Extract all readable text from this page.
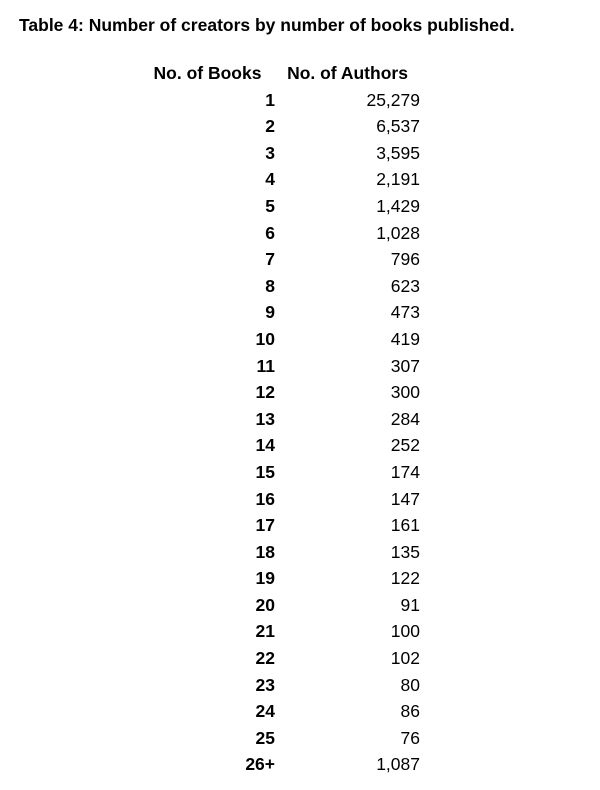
Table 4: Number of creators by number of books published.
No. of Books	No. of Authors
1	25,279
2	6,537
3	3,595
4	2,191
5	1,429
6	1,028
7	796
8	623
9	473
10	419
11	307
12	300
13	284
14	252
15	174
16	147
17	161
18	135
19	122
20	91
21	100
22	102
23	80
24	86
25	76
26+	1,087
